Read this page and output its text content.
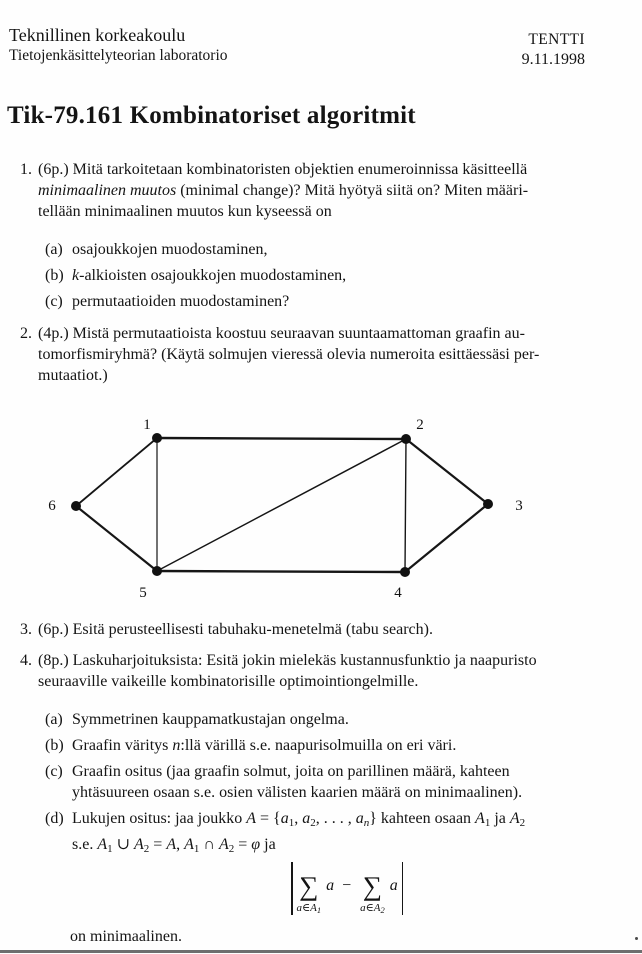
Teknillinen korkeakoulu
Tietojenkäsittelyteorian laboratorio
TENTTI
9.11.1998
Tik-79.161 Kombinatoriset algoritmit
1. (6p.) Mitä tarkoitetaan kombinatoristen objektien enumeroinnissa käsitteellä
minimaalinen muutos (minimal change)? Mitä hyötyä siitä on? Miten määri-
tellään minimaalinen muutos kun kyseessä on
(a) osajoukkojen muodostaminen,
(b) k-alkioisten osajoukkojen muodostaminen,
(c) permutaatioiden muodostaminen?
2. (4p.) Mistä permutaatioista koostuu seuraavan suuntaamattoman graafin au-
tomorfismiryhmä? (Käytä solmujen vieressä olevia numeroita esittäessäsi per-
mutaatiot.)
1	2
3
4
5
6
3. (6p.) Esitä perusteellisesti tabuhaku-menetelmä (tabu search).
4. (8p.) Laskuharjoituksista: Esitä jokin mielekäs kustannusfunktio ja naapuristo
seuraaville vaikeille kombinatorisille optimointiongelmille.
(a) Symmetrinen kauppamatkustajan ongelma.
(b) Graafin väritys n:llä värillä s.e. naapurisolmuilla on eri väri.
(c) Graafin ositus (jaa graafin solmut, joita on parillinen määrä, kahteen
yhtäsuureen osaan s.e. osien välisten kaarien määrä on minimaalinen).
(d) Lukujen ositus: jaa joukko A = {a1, a2, . . . , an} kahteen osaan A1 ja A2
s.e. A1 ∪ A2 = A, A1 ∩ A2 = φ ja
∑
a∈A1
a − ∑
a∈A2
a
on minimaalinen.
